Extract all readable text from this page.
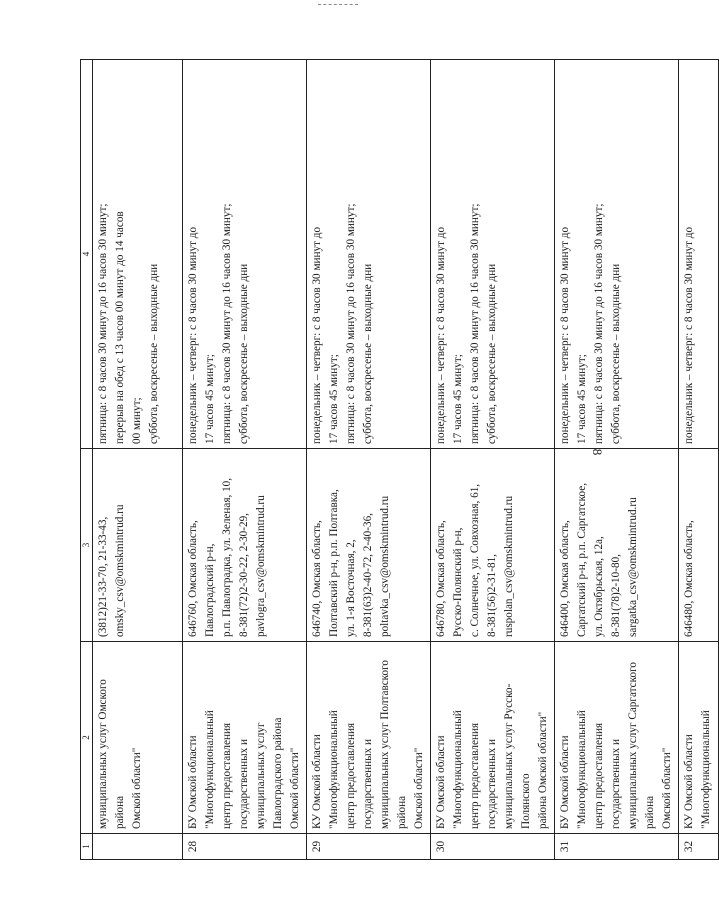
8
1	2	3	4

	муниципальных услуг Омского района Омской области"	(3812)21-33-70, 21-33-43, omsky_csv@omskmintrud.ru	пятница: с 8 часов 30 минут до 16 часов 30 минут; перерыв на обед с 13 часов 00 минут до 14 часов 00 минут; суббота, воскресенье – выходные дни

28	БУ Омской области "Многофункциональный центр предоставления государственных и муниципальных услуг Павлоградского района Омской области"	646760, Омская область, Павлоградский р-н, р.п. Павлоградка, ул. Зеленая, 10, 8-381(72)2-30-22, 2-30-29, pavlogra_csv@omskmintrud.ru	понедельник – четверг: с 8 часов 30 минут до 17 часов 45 минут; пятница: с 8 часов 30 минут до 16 часов 30 минут; суббота, воскресенье – выходные дни

29	КУ Омской области "Многофункциональный центр предоставления государственных и муниципальных услуг Полтавского района Омской области"	646740, Омская область, Полтавский р-н, р.п. Полтавка, ул. 1-я Восточная, 2, 8-381(63)2-40-72, 2-40-36, poltavka_csv@omskmintrud.ru	понедельник – четверг: с 8 часов 30 минут до 17 часов 45 минут; пятница: с 8 часов 30 минут до 16 часов 30 минут; суббота, воскресенье – выходные дни

30	БУ Омской области "Многофункциональный центр предоставления государственных и муниципальных услуг Русско-Полянского района Омской области"	646780, Омская область, Русско-Полянский р-н, с. Солнечное, ул. Совхозная, 61, 8-381(56)2-31-81, ruspolan_csv@omskmintrud.ru	понедельник – четверг: с 8 часов 30 минут до 17 часов 45 минут; пятница: с 8 часов 30 минут до 16 часов 30 минут; суббота, воскресенье – выходные дни

31	БУ Омской области "Многофункциональный центр предоставления государственных и муниципальных услуг Саргатского района Омской области"	646400, Омская область, Саргатский р-н, р.п. Саргатское, ул. Октябрьская, 12а, 8-381(78)2-10-80, sargatka_csv@omskmintrud.ru	понедельник – четверг: с 8 часов 30 минут до 17 часов 45 минут; пятница: с 8 часов 30 минут до 16 часов 30 минут; суббота, воскресенье – выходные дни

32	КУ Омской области "Многофункциональный	646480, Омская область,	понедельник – четверг: с 8 часов 30 минут до
